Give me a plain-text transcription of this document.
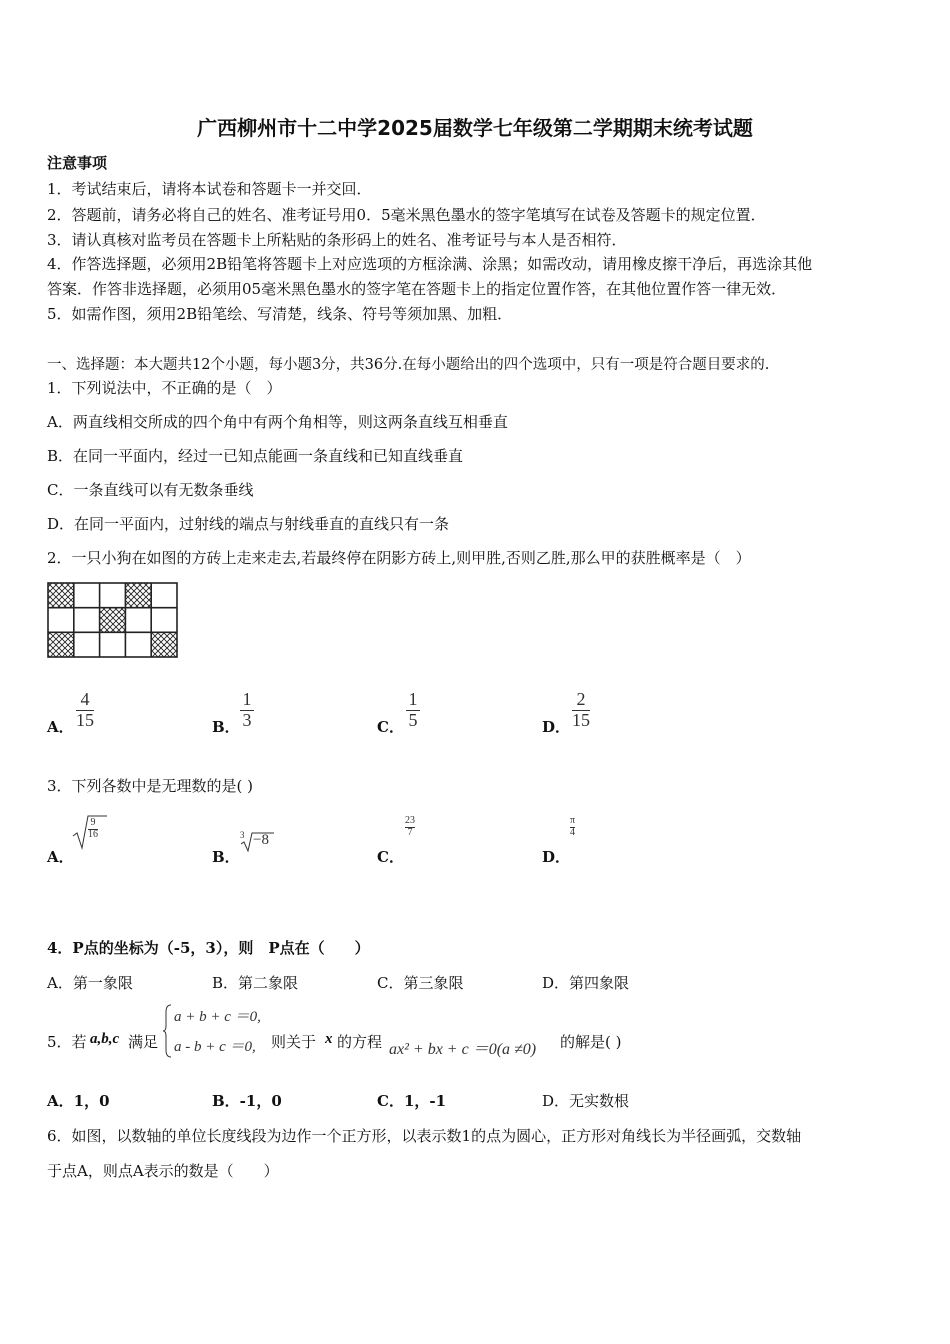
广西柳州市十二中学2025届数学七年级第二学期期末统考试题
注意事项
1．考试结束后，请将本试卷和答题卡一并交回．
2．答题前，请务必将自己的姓名、准考证号用0．5毫米黑色墨水的签字笔填写在试卷及答题卡的规定位置．
3．请认真核对监考员在答题卡上所粘贴的条形码上的姓名、准考证号与本人是否相符．
4．作答选择题，必须用2B铅笔将答题卡上对应选项的方框涂满、涂黑；如需改动，请用橡皮擦干净后，再选涂其他
答案．作答非选择题，必须用05毫米黑色墨水的签字笔在答题卡上的指定位置作答，在其他位置作答一律无效．
5．如需作图，须用2B铅笔绘、写清楚，线条、符号等须加黑、加粗．
一、选择题：本大题共12个小题，每小题3分，共36分.在每小题给出的四个选项中，只有一项是符合题目要求的.
1．下列说法中，不正确的是（　）
A．两直线相交所成的四个角中有两个角相等，则这两条直线互相垂直
B．在同一平面内，经过一已知点能画一条直线和已知直线垂直
C．一条直线可以有无数条垂线
D．在同一平面内，过射线的端点与射线垂直的直线只有一条
2．一只小狗在如图的方砖上走来走去,若最终停在阴影方砖上,则甲胜,否则乙胜,那么甲的获胜概率是（　）
A．
4
15	B．
1
3	C．
1
5	D．
2
15
3．下列各数中是无理数的是( )
A．
9
16
B．
3 −8
C．
23
7
D．
π
4
4．P点的坐标为（-5，3），则　P点在（　　）
A．第一象限	B．第二象限	C．第三象限	D．第四象限
5．若 a,b,c 满足
a + b + c ＝0,
a - b + c ＝0, 则关于 x 的方程 ax² + bx + c ＝0(a ≠0) 的解是( )
A．1，0	B．-1，0	C．1，-1	D．无实数根
6．如图，以数轴的单位长度线段为边作一个正方形，以表示数1的点为圆心，正方形对角线长为半径画弧，交数轴
于点A，则点A表示的数是（　　）
